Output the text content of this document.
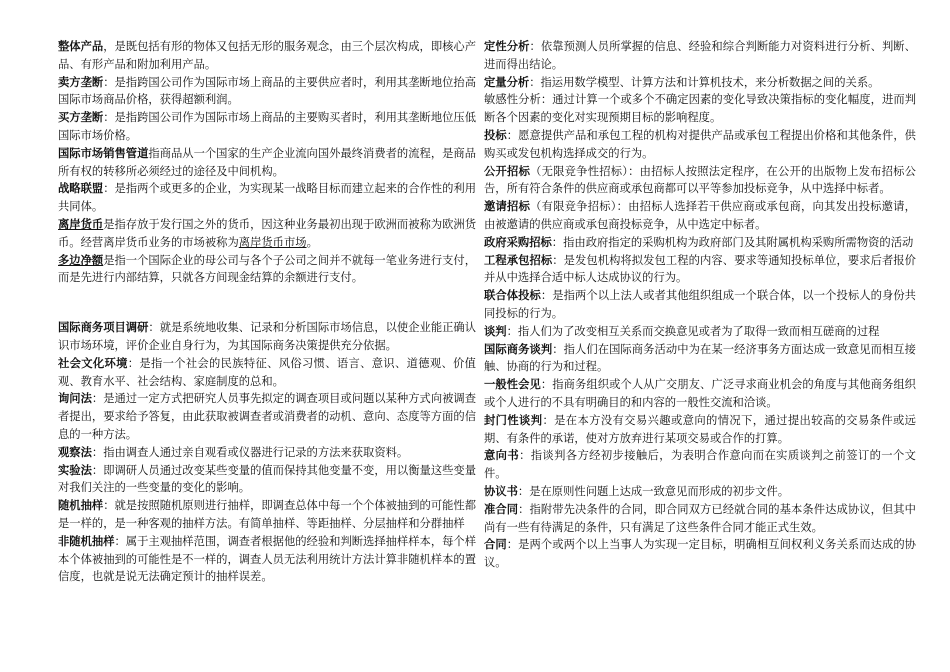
整体产品，是既包括有形的物体又包括无形的服务观念，由三个层次构成，即核心产品、有形产品和附加利用产品。

卖方垄断：是指跨国公司作为国际市场上商品的主要供应者时，利用其垄断地位抬高国际市场商品价格，获得超额利润。

买方垄断：是指跨国公司作为国际市场上商品的主要购买者时，利用其垄断地位压低国际市场价格。

国际市场销售管道指商品从一个国家的生产企业流向国外最终消费者的流程，是商品所有权的转移所必须经过的途径及中间机构。

战略联盟：是指两个或更多的企业，为实现某一战略目标而建立起来的合作性的利用共同体。

离岸货币是指存放于发行国之外的货币，因这种业务最初出现于欧洲而被称为欧洲货币。经营离岸货币业务的市场被称为离岸货币市场。

多边净额是指一个国际企业的母公司与各个子公司之间并不就每一笔业务进行支付，而是先进行内部结算，只就各方间现金结算的余额进行支付。

国际商务项目调研：就是系统地收集、记录和分析国际市场信息，以使企业能正确认识市场环境，评价企业自身行为，为其国际商务决策提供充分依据。

社会文化环境：是指一个社会的民族特征、风俗习惯、语言、意识、道德观、价值观、教育水平、社会结构、家庭制度的总和。

询问法：是通过一定方式把研究人员事先拟定的调查项目或问题以某种方式向被调查者提出，要求给予答复，由此获取被调查者或消费者的动机、意向、态度等方面的信息的一种方法。

观察法：指由调查人通过亲自观看或仪器进行记录的方法来获取资料。

实验法：即调研人员通过改变某些变量的值而保持其他变量不变，用以衡量这些变量对我们关注的一些变量的变化的影响。

随机抽样：就是按照随机原则进行抽样，即调查总体中每一个个体被抽到的可能性都是一样的，是一种客观的抽样方法。有简单抽样、等距抽样、分层抽样和分群抽样

非随机抽样：属于主观抽样范围，调查者根据他的经验和判断选择抽样样本，每个样本个体被抽到的可能性是不一样的，调查人员无法利用统计方法计算非随机样本的置信度，也就是说无法确定预计的抽样误差。

定性分析：依靠预测人员所掌握的信息、经验和综合判断能力对资料进行分析、判断、进而得出结论。

定量分析：指运用数学模型、计算方法和计算机技术，来分析数据之间的关系。

敏感性分析：通过计算一个或多个不确定因素的变化导致决策指标的变化幅度，进而判断各个因素的变化对实现预期目标的影响程度。

投标：愿意提供产品和承包工程的机构对提供产品或承包工程提出价格和其他条件，供购买或发包机构选择成交的行为。

公开招标（无限竞争性招标）：由招标人按照法定程序，在公开的出版物上发布招标公告，所有符合条件的供应商或承包商都可以平等参加投标竞争，从中选择中标者。

邀请招标（有限竞争招标）：由招标人选择若干供应商或承包商，向其发出投标邀请，由被邀请的供应商或承包商投标竞争，从中选定中标者。

政府采购招标：指由政府指定的采购机构为政府部门及其附属机构采购所需物资的活动

工程承包招标：是发包机构将拟发包工程的内容、要求等通知投标单位，要求后者报价并从中选择合适中标人达成协议的行为。

联合体投标：是指两个以上法人或者其他组织组成一个联合体，以一个投标人的身份共同投标的行为。

谈判：指人们为了改变相互关系而交换意见或者为了取得一致而相互磋商的过程

国际商务谈判：指人们在国际商务活动中为在某一经济事务方面达成一致意见而相互接触、协商的行为和过程。

一般性会见：指商务组织或个人从广交朋友、广泛寻求商业机会的角度与其他商务组织或个人进行的不具有明确目的和内容的一般性交流和洽谈。

封门性谈判：是在本方没有交易兴趣或意向的情况下，通过提出较高的交易条件或远期、有条件的承诺，使对方放弃进行某项交易或合作的打算。

意向书：指谈判各方经初步接触后，为表明合作意向而在实质谈判之前签订的一个文件。

协议书：是在原则性问题上达成一致意见而形成的初步文件。

准合同：指附带先决条件的合同，即合同双方已经就合同的基本条件达成协议，但其中尚有一些有待满足的条件，只有满足了这些条件合同才能正式生效。

合同：是两个或两个以上当事人为实现一定目标，明确相互间权利义务关系而达成的协议。
